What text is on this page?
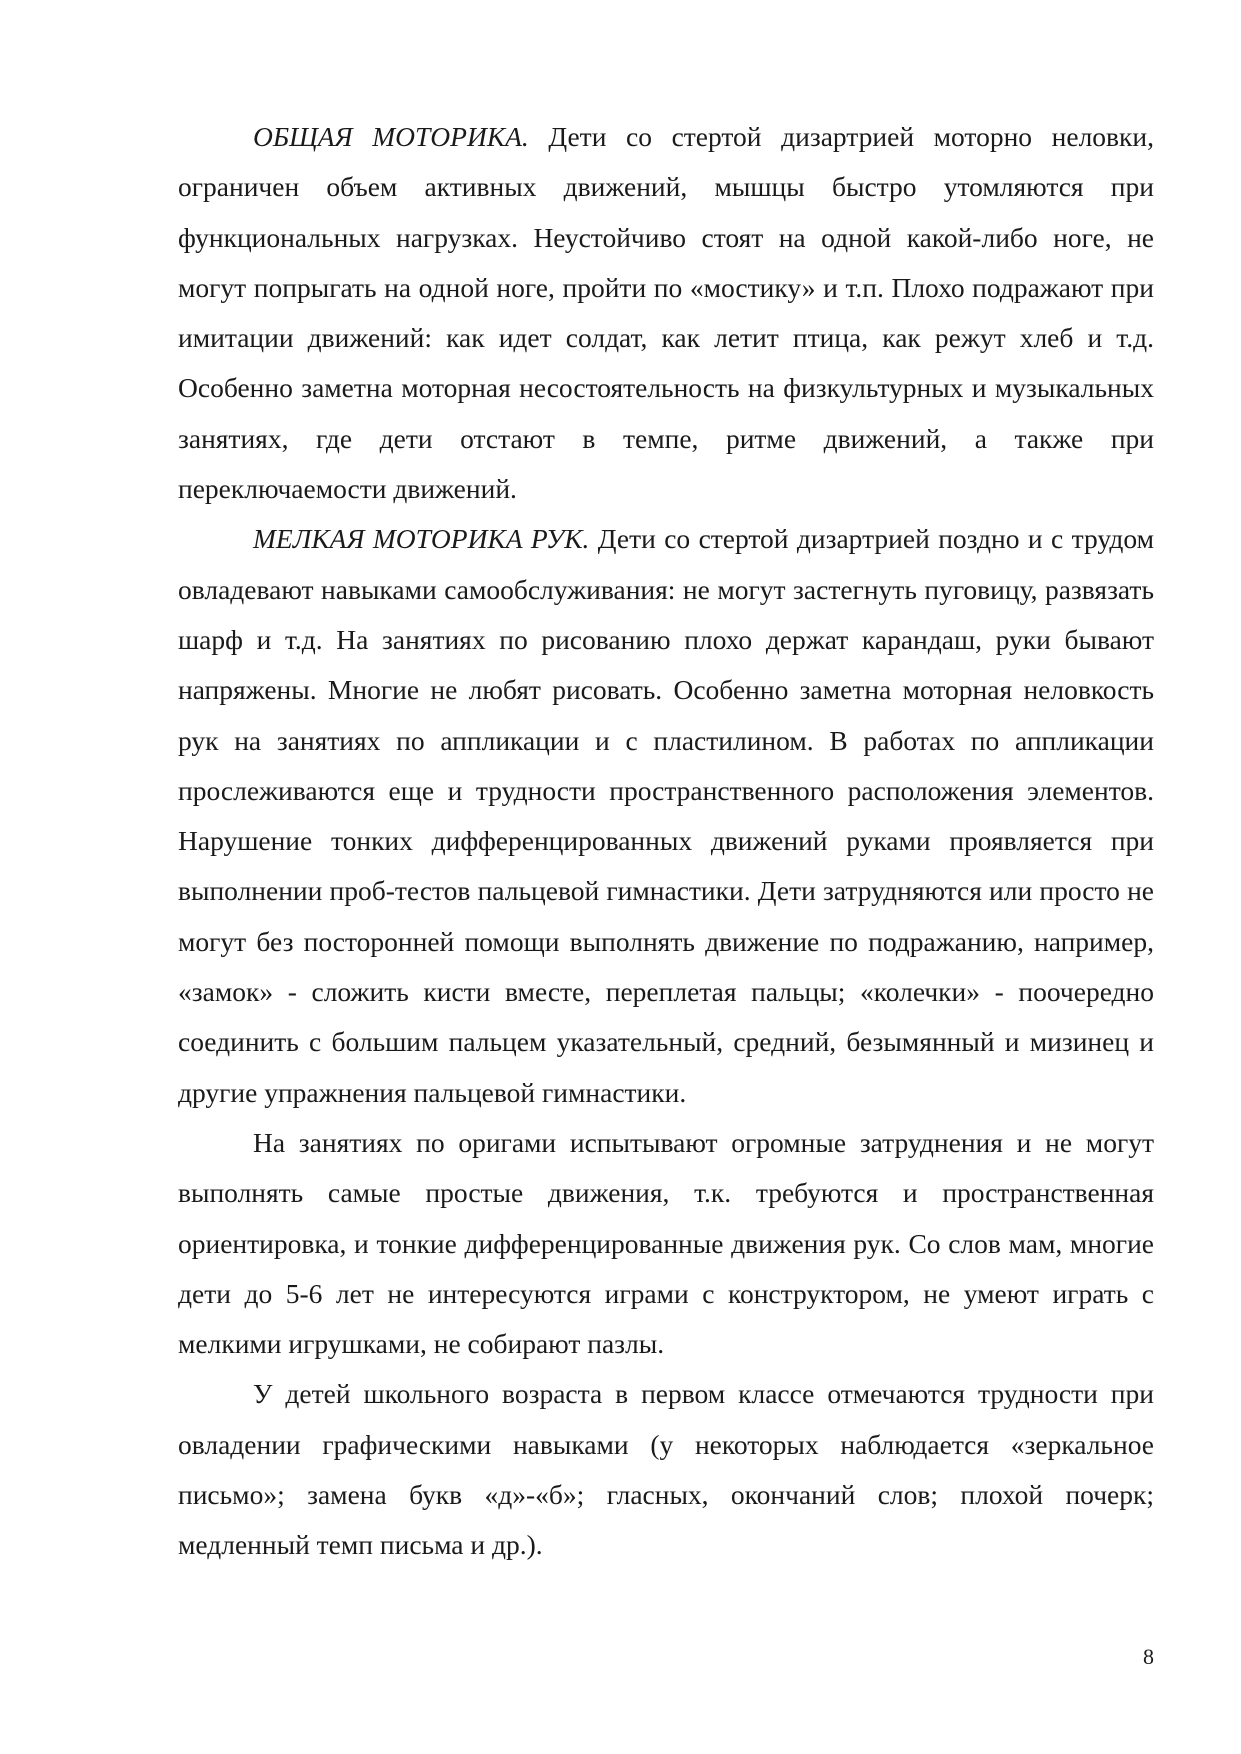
ОБЩАЯ МОТОРИКА. Дети со стертой дизартрией моторно неловки, ограничен объем активных движений, мышцы быстро утомляются при функциональных нагрузках. Неустойчиво стоят на одной какой-либо ноге, не могут попрыгать на одной ноге, пройти по «мостику» и т.п. Плохо подражают при имитации движений: как идет солдат, как летит птица, как режут хлеб и т.д. Особенно заметна моторная несостоятельность на физкультурных и музыкальных занятиях, где дети отстают в темпе, ритме движений, а также при переключаемости движений.

МЕЛКАЯ МОТОРИКА РУК. Дети со стертой дизартрией поздно и с трудом овладевают навыками самообслуживания: не могут застегнуть пуговицу, развязать шарф и т.д. На занятиях по рисованию плохо держат карандаш, руки бывают напряжены. Многие не любят рисовать. Особенно заметна моторная неловкость рук на занятиях по аппликации и с пластилином. В работах по аппликации прослеживаются еще и трудности пространственного расположения элементов. Нарушение тонких дифференцированных движений руками проявляется при выполнении проб-тестов пальцевой гимнастики. Дети затрудняются или просто не могут без посторонней помощи выполнять движение по подражанию, например, «замок» - сложить кисти вместе, переплетая пальцы; «колечки» - поочередно соединить с большим пальцем указательный, средний, безымянный и мизинец и другие упражнения пальцевой гимнастики.

На занятиях по оригами испытывают огромные затруднения и не могут выполнять самые простые движения, т.к. требуются и пространственная ориентировка, и тонкие дифференцированные движения рук. Со слов мам, многие дети до 5-6 лет не интересуются играми с конструктором, не умеют играть с мелкими игрушками, не собирают пазлы.

У детей школьного возраста в первом классе отмечаются трудности при овладении графическими навыками (у некоторых наблюдается «зеркальное письмо»; замена букв «д»-«б»; гласных, окончаний слов; плохой почерк; медленный темп письма и др.).

8
